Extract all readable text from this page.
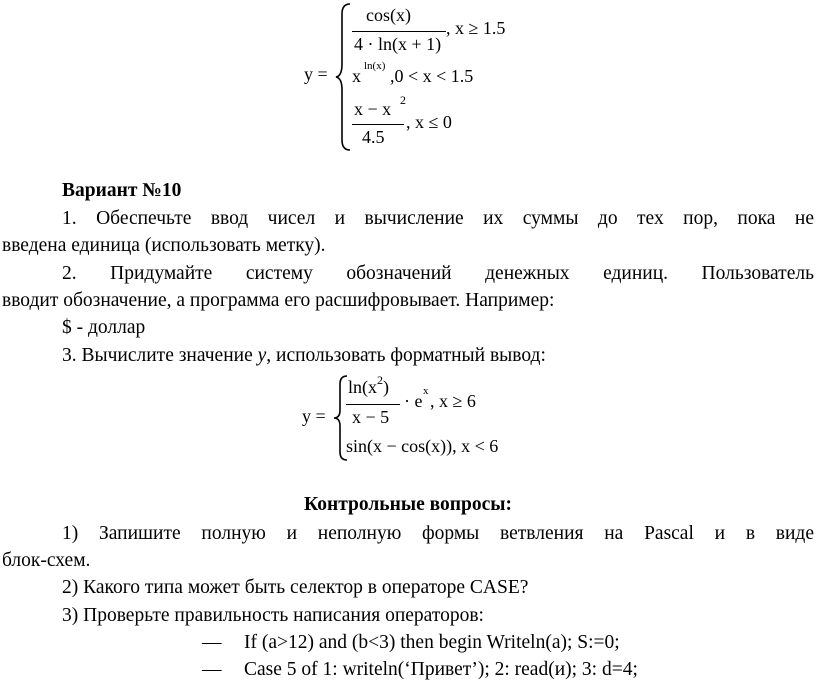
y =
cos(x)
4 · ln(x + 1)
, x ≥ 1.5
x ln(x) ,0 < x < 1.5
x − x 2
4.5
, x ≤ 0
Вариант №10
1. Обеспечьте ввод чисел и вычисление их суммы до тех пор, пока не
введена единица (использовать метку).
2. Придумайте систему обозначений денежных единиц. Пользователь
вводит обозначение, а программа его расшифровывает. Например:
$ - доллар
3. Вычислите значение y, использовать форматный вывод:
y =
$\ln(x^2)$
x − 5
· e x , x ≥ 6
sin(x − cos(x)), x < 6
Контрольные вопросы:
1) Запишите полную и неполную формы ветвления на Pascal и в виде
блок-схем.
2) Какого типа может быть селектор в операторе CASE?
3) Проверьте правильность написания операторов:
— If (a>12) and (b<3) then begin Writeln(a); S:=0;
— Case 5 of 1: writeln(‘Привет’); 2: read(и); 3: d=4;
